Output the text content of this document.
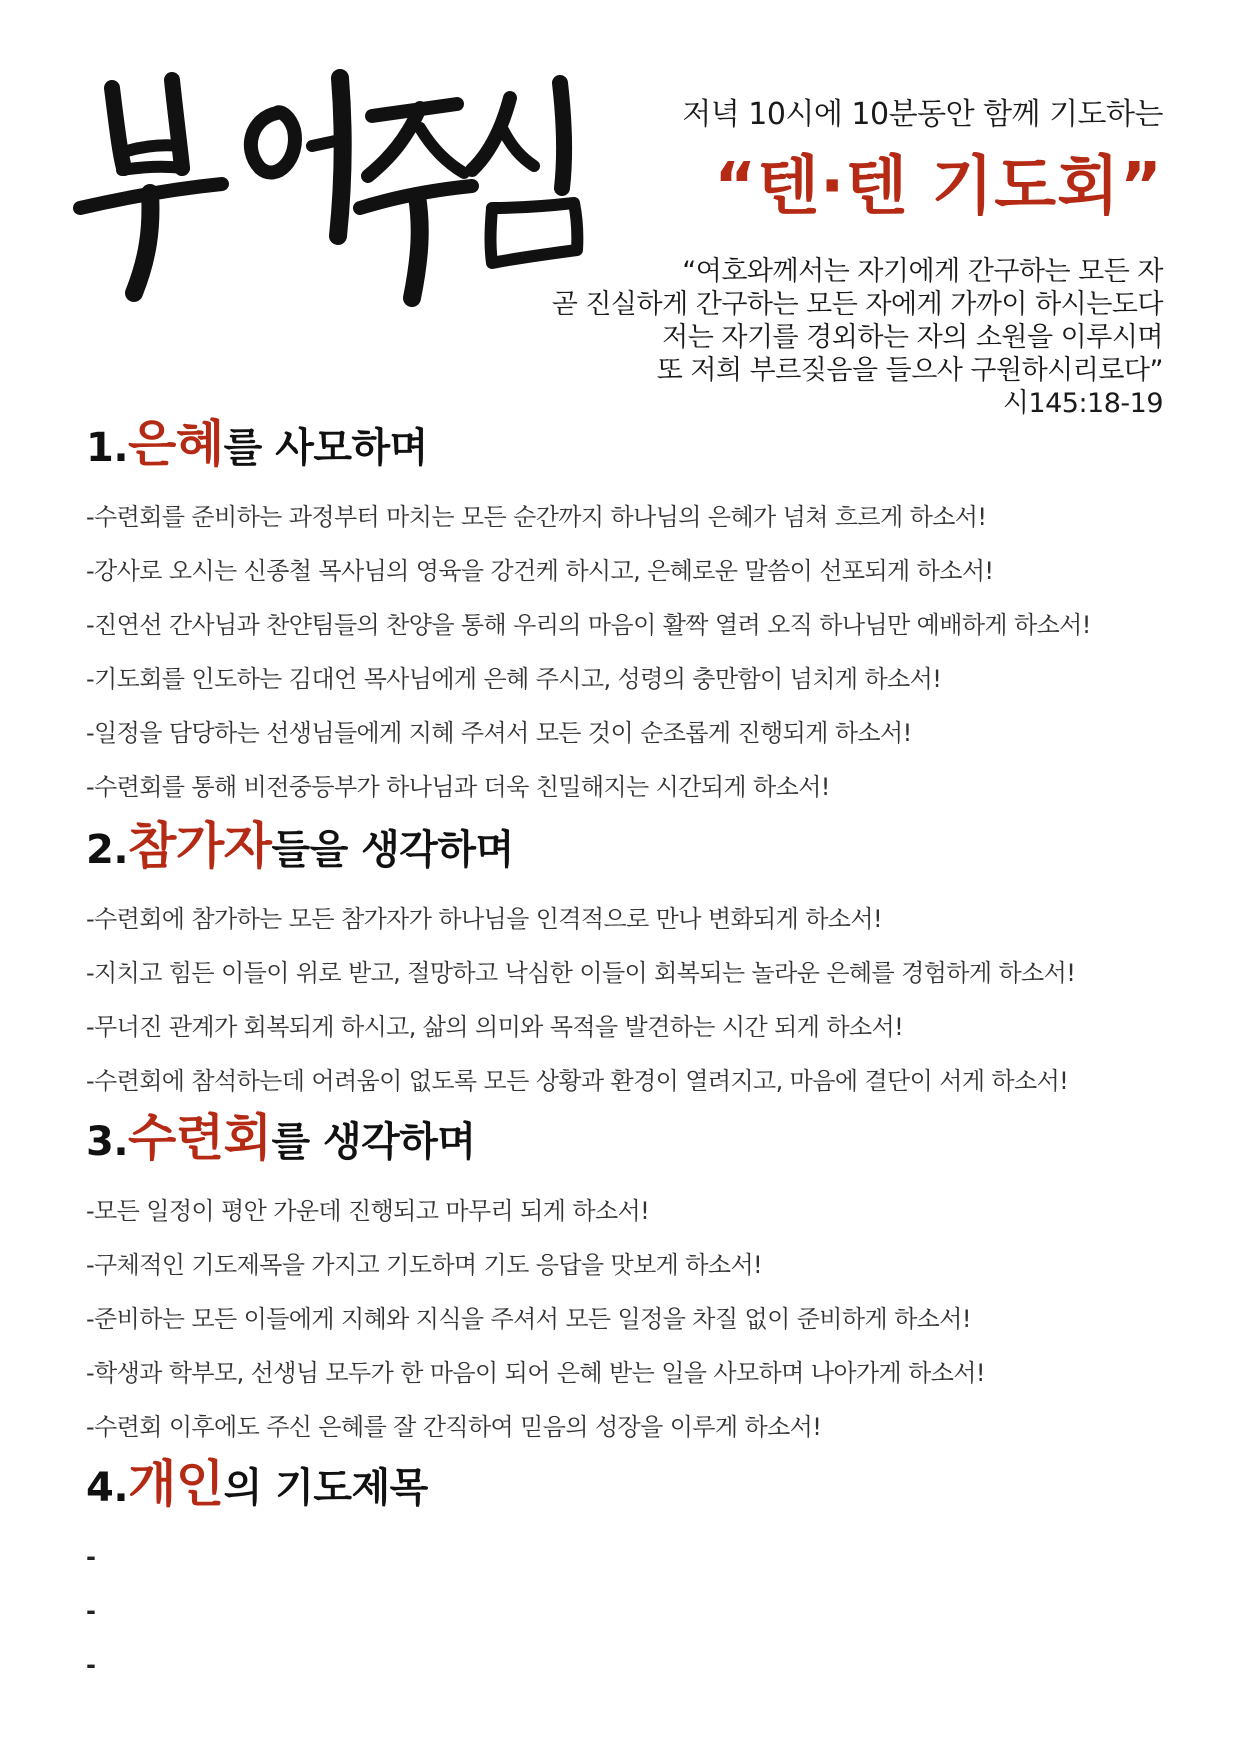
저녁 10시에 10분동안 함께 기도하는
“텐·텐 기도회”
“여호와께서는 자기에게 간구하는 모든 자
곧 진실하게 간구하는 모든 자에게 가까이 하시는도다
저는 자기를 경외하는 자의 소원을 이루시며
또 저희 부르짖음을 들으사 구원하시리로다”
시145:18-19
1.은혜를 사모하며
-수련회를 준비하는 과정부터 마치는 모든 순간까지 하나님의 은혜가 넘쳐 흐르게 하소서!
-강사로 오시는 신종철 목사님의 영육을 강건케 하시고, 은혜로운 말씀이 선포되게 하소서!
-진연선 간사님과 찬얀팀들의 찬양을 통해 우리의 마음이 활짝 열려 오직 하나님만 예배하게 하소서!
-기도회를 인도하는 김대언 목사님에게 은혜 주시고, 성령의 충만함이 넘치게 하소서!
-일정을 담당하는 선생님들에게 지혜 주셔서 모든 것이 순조롭게 진행되게 하소서!
-수련회를 통해 비전중등부가 하나님과 더욱 친밀해지는 시간되게 하소서!
2.참가자들을 생각하며
-수련회에 참가하는 모든 참가자가 하나님을 인격적으로 만나 변화되게 하소서!
-지치고 힘든 이들이 위로 받고, 절망하고 낙심한 이들이 회복되는 놀라운 은혜를 경험하게 하소서!
-무너진 관계가 회복되게 하시고, 삶의 의미와 목적을 발견하는 시간 되게 하소서!
-수련회에 참석하는데 어려움이 없도록 모든 상황과 환경이 열려지고, 마음에 결단이 서게 하소서!
3.수련회를 생각하며
-모든 일정이 평안 가운데 진행되고 마무리 되게 하소서!
-구체적인 기도제목을 가지고 기도하며 기도 응답을 맛보게 하소서!
-준비하는 모든 이들에게 지혜와 지식을 주셔서 모든 일정을 차질 없이 준비하게 하소서!
-학생과 학부모, 선생님 모두가 한 마음이 되어 은혜 받는 일을 사모하며 나아가게 하소서!
-수련회 이후에도 주신 은혜를 잘 간직하여 믿음의 성장을 이루게 하소서!
4.개인의 기도제목
-
-
-
